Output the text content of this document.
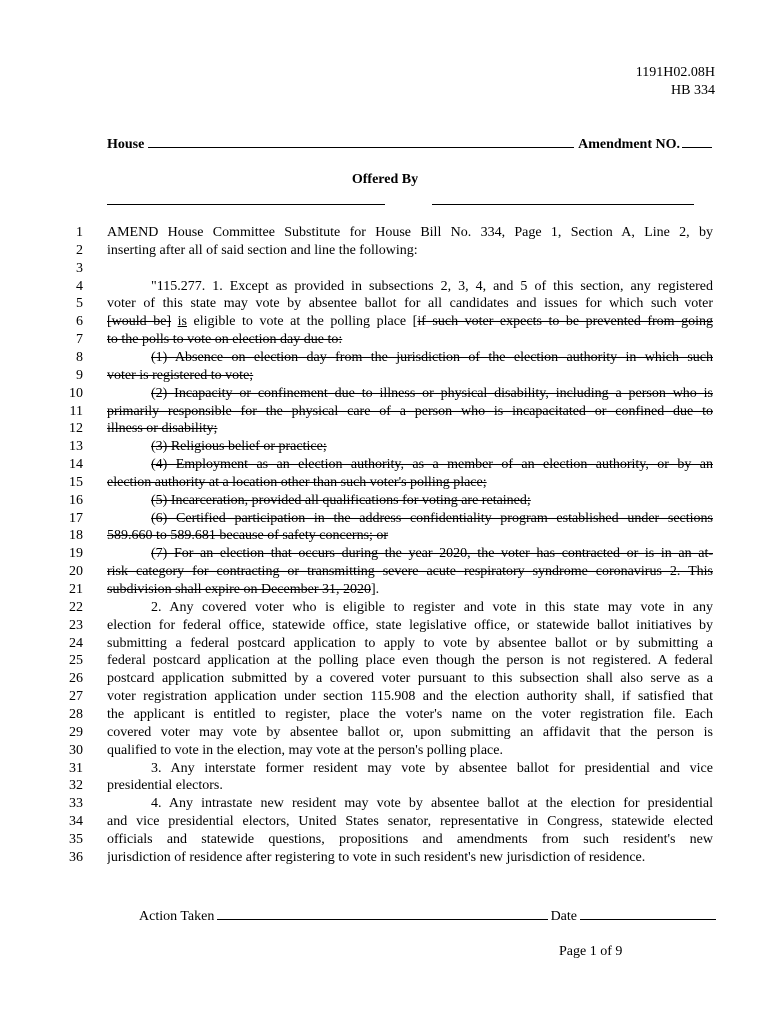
1191H02.08H
HB 334
House	Amendment NO.
Offered By
1 AMEND House Committee Substitute for House Bill No. 334, Page 1, Section A, Line 2, by
2 inserting after all of said section and line the following:
3
4	"115.277. 1. Except as provided in subsections 2, 3, 4, and 5 of this section, any registered
5 voter of this state may vote by absentee ballot for all candidates and issues for which such voter
6 [would be] is eligible to vote at the polling place [if such voter expects to be prevented from going
7 to the polls to vote on election day due to:
8	(1) Absence on election day from the jurisdiction of the election authority in which such
9 voter is registered to vote;
10	(2) Incapacity or confinement due to illness or physical disability, including a person who is
11 primarily responsible for the physical care of a person who is incapacitated or confined due to
12 illness or disability;
13	(3) Religious belief or practice;
14	(4) Employment as an election authority, as a member of an election authority, or by an
15 election authority at a location other than such voter's polling place;
16	(5) Incarceration, provided all qualifications for voting are retained;
17	(6) Certified participation in the address confidentiality program established under sections
18 589.660 to 589.681 because of safety concerns; or
19	(7) For an election that occurs during the year 2020, the voter has contracted or is in an at-
20 risk category for contracting or transmitting severe acute respiratory syndrome coronavirus 2. This
21 subdivision shall expire on December 31, 2020].
22	2. Any covered voter who is eligible to register and vote in this state may vote in any
23 election for federal office, statewide office, state legislative office, or statewide ballot initiatives by
24 submitting a federal postcard application to apply to vote by absentee ballot or by submitting a
25 federal postcard application at the polling place even though the person is not registered. A federal
26 postcard application submitted by a covered voter pursuant to this subsection shall also serve as a
27 voter registration application under section 115.908 and the election authority shall, if satisfied that
28 the applicant is entitled to register, place the voter's name on the voter registration file. Each
29 covered voter may vote by absentee ballot or, upon submitting an affidavit that the person is
30 qualified to vote in the election, may vote at the person's polling place.
31	3. Any interstate former resident may vote by absentee ballot for presidential and vice
32 presidential electors.
33	4. Any intrastate new resident may vote by absentee ballot at the election for presidential
34 and vice presidential electors, United States senator, representative in Congress, statewide elected
35 officials and statewide questions, propositions and amendments from such resident's new
36 jurisdiction of residence after registering to vote in such resident's new jurisdiction of residence.
Action Taken	Date
Page 1 of 9
